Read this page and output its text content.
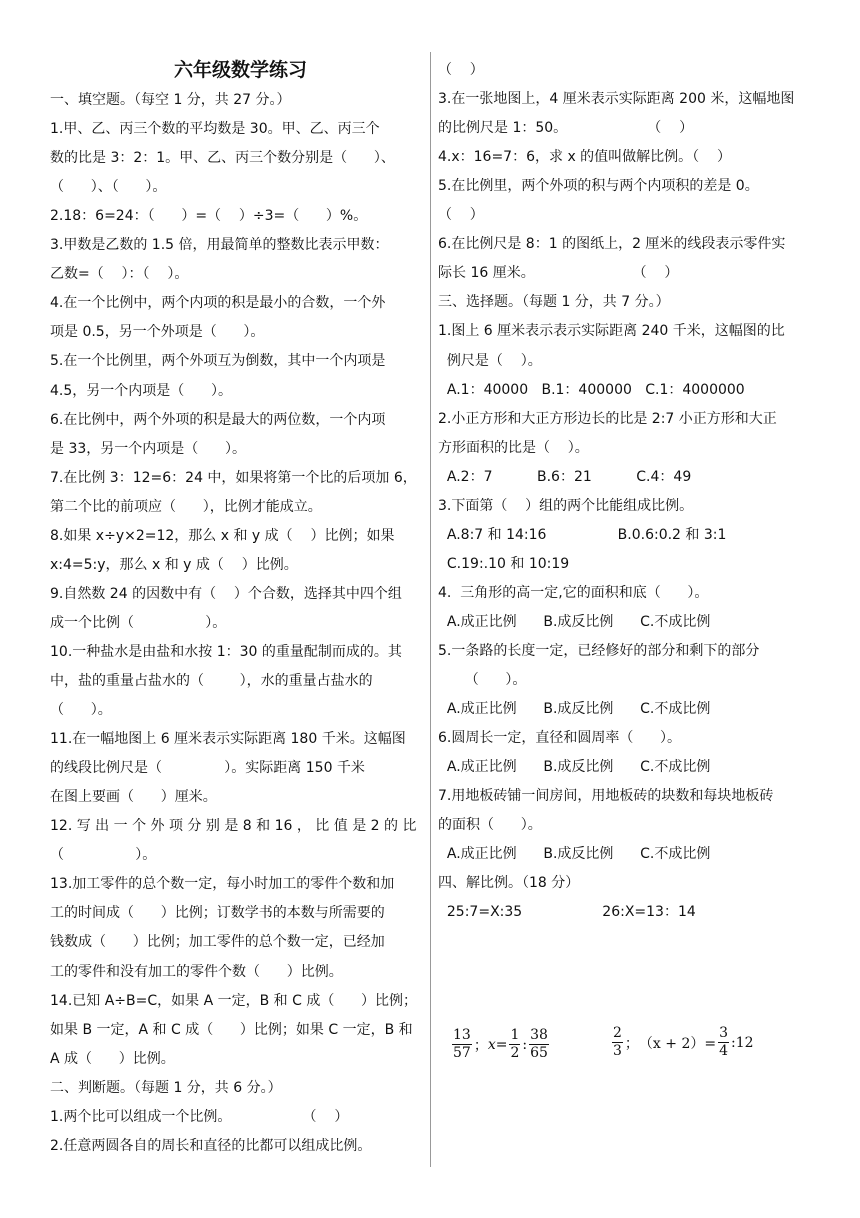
六年级数学练习
一、填空题。（每空 1 分，共 27 分。）
1.甲、乙、丙三个数的平均数是 30。甲、乙、丙三个
数的比是 3：2：1。甲、乙、丙三个数分别是（      ）、
（      ）、（      ）。
2.18：6=24：（      ）=（    ）÷3=（      ）%。
3.甲数是乙数的 1.5 倍，用最简单的整数比表示甲数：
乙数=（    ）：（    ）。
4.在一个比例中，两个内项的积是最小的合数，一个外
项是 0.5，另一个外项是（      ）。
5.在一个比例里，两个外项互为倒数，其中一个内项是
4.5，另一个内项是（      ）。
6.在比例中，两个外项的积是最大的两位数，一个内项
是 33，另一个内项是（      ）。
7.在比例 3：12=6：24 中，如果将第一个比的后项加 6，
第二个比的前项应（      ），比例才能成立。
8.如果 x÷y×2=12，那么 x 和 y 成（    ）比例；如果
x:4=5:y，那么 x 和 y 成（    ）比例。
9.自然数 24 的因数中有（    ）个合数，选择其中四个组
成一个比例（                ）。
10.一种盐水是由盐和水按 1：30 的重量配制而成的。其
中，盐的重量占盐水的（        ），水的重量占盐水的
（      ）。
11.在一幅地图上 6 厘米表示实际距离 180 千米。这幅图
的线段比例尺是（              ）。实际距离 150 千米
在图上要画（      ）厘米。
12. 写 出 一 个 外 项 分 别 是 8 和 16 ， 比 值 是 2 的 比
（                ）。
13.加工零件的总个数一定，每小时加工的零件个数和加
工的时间成（      ）比例；订数学书的本数与所需要的
钱数成（      ）比例；加工零件的总个数一定，已经加
工的零件和没有加工的零件个数（      ）比例。
14.已知 A÷B=C，如果 A 一定，B 和 C 成（      ）比例；
如果 B 一定，A 和 C 成（      ）比例；如果 C 一定，B 和
A 成（      ）比例。
二、判断题。（每题 1 分，共 6 分。）
1.两个比可以组成一个比例。                （    ）
2.任意两圆各自的周长和直径的比都可以组成比例。
（    ）
3.在一张地图上，4 厘米表示实际距离 200 米，这幅地图
的比例尺是 1：50。                  （    ）
4.x：16=7：6，求 x 的值叫做解比例。（    ）
5.在比例里，两个外项的积与两个内项积的差是 0。
（    ）
6.在比例尺是 8：1 的图纸上，2 厘米的线段表示零件实
际长 16 厘米。                      （    ）
三、选择题。（每题 1 分，共 7 分。）
1.图上 6 厘米表示表示实际距离 240 千米，这幅图的比
例尺是（    ）。
A.1：40000   B.1：400000   C.1：4000000
2.小正方形和大正方形边长的比是 2:7 小正方形和大正
方形面积的比是（    ）。
A.2：7          B.6：21          C.4：49
3.下面第（    ）组的两个比能组成比例。
A.8:7 和 14:16                B.0.6:0.2 和 3:1
C.19:.10 和 10:19
4.  三角形的高一定,它的面积和底（      ）。
A.成正比例      B.成反比例      C.不成比例
5.一条路的长度一定，已经修好的部分和剩下的部分
（      ）。
A.成正比例      B.成反比例      C.不成比例
6.圆周长一定，直径和圆周率（      ）。
A.成正比例      B.成反比例      C.不成比例
7.用地板砖铺一间房间，用地板砖的块数和每块地板砖
的面积（      ）。
A.成正比例      B.成反比例      C.不成比例
四、解比例。（18 分）
25:7=X:35                  26:X=13：14
13
57 ； $x = \frac{1}{2}$ :
38
65
2
3 ； $(x + 2)= \frac{3}{4}$ :12
